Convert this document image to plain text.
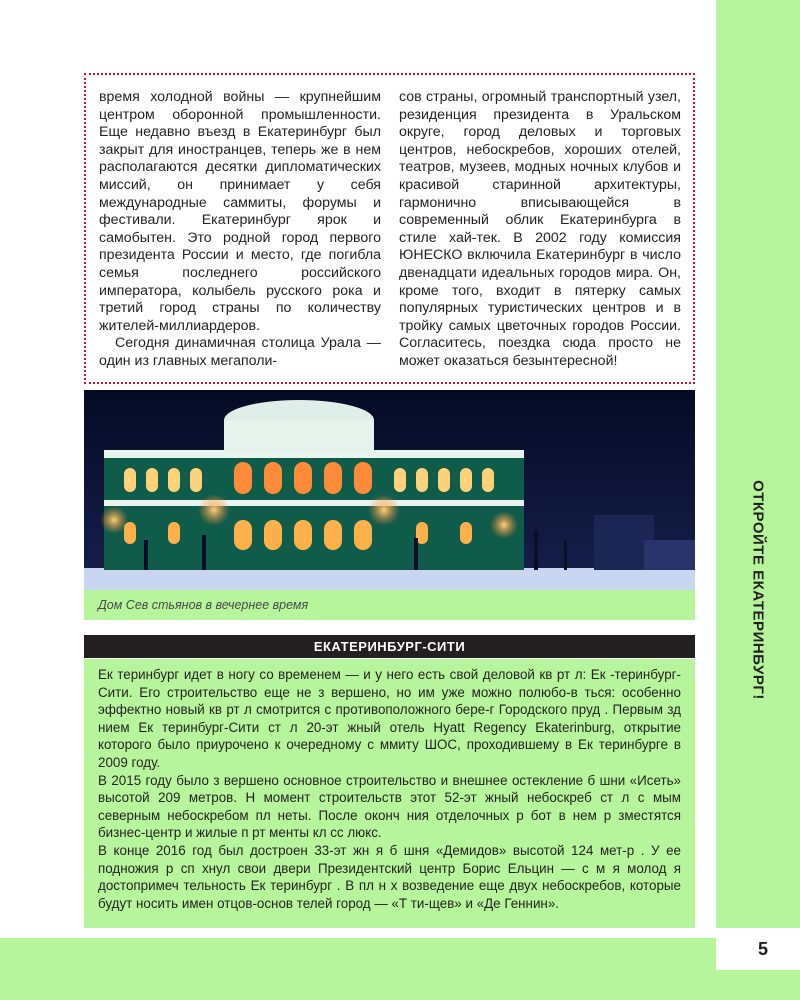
ОТКРОЙТЕ ЕКАТЕРИНБУРГ!
5

время холодной войны — крупнейшим центром оборонной промышленности. Еще недавно въезд в Екатеринбург был закрыт для иностранцев, теперь же в нем располагаются десятки дипломатических миссий, он принимает у себя международные саммиты, форумы и фестивали. Екатеринбург ярок и самобытен. Это родной город первого президента России и место, где погибла семья последнего российского императора, колыбель русского рока и третий город страны по количеству жителей-миллиардеров.

Сегодня динамичная столица Урала — один из главных мегаполи-

сов страны, огромный транспортный узел, резиденция президента в Уральском округе, город деловых и торговых центров, небоскребов, хороших отелей, театров, музеев, модных ночных клубов и красивой старинной архитектуры, гармонично вписывающейся в современный облик Екатеринбурга в стиле хай-тек. В 2002 году комиссия ЮНЕСКО включила Екатеринбург в число двенадцати идеальных городов мира. Он, кроме того, входит в пятерку самых популярных туристических центров и в тройку самых цветочных городов России. Согласитесь, поездка сюда просто не может оказаться безынтересной!

Дом Сев стьянов в вечернее время
ЕКАТЕРИНБУРГ-СИТИ

Ек теринбург идет в ногу со временем — и у него есть свой деловой кв рт л: Ек -теринбург-Сити. Его строительство еще не з вершено, но им уже можно полюбо-в ться: особенно эффектно новый кв рт л смотрится с противоположного бере-г Городского пруд . Первым зд нием Ек теринбург-Сити ст л 20-эт жный отель Hyatt Regency Ekaterinburg, открытие которого было приурочено к очередному с ммиту ШОС, проходившему в Ек теринбурге в 2009 году.

В 2015 году было з вершено основное строительство и внешнее остекление б шни «Исеть» высотой 209 метров. Н момент строительств этот 52-эт жный небоскреб ст л с мым северным небоскребом пл неты. После оконч ния отделочных р бот в нем р зместятся бизнес-центр и жилые п рт менты кл сс люкс.

В конце 2016 год был достроен 33-эт жн я б шня «Демидов» высотой 124 мет-р . У ее подножия р сп хнул свои двери Президентский центр Борис Ельцин — с м я молод я достопримеч тельность Ек теринбург . В пл н х возведение еще двух небоскребов, которые будут носить имен отцов-основ телей город — «Т ти-щев» и «Де Геннин».
